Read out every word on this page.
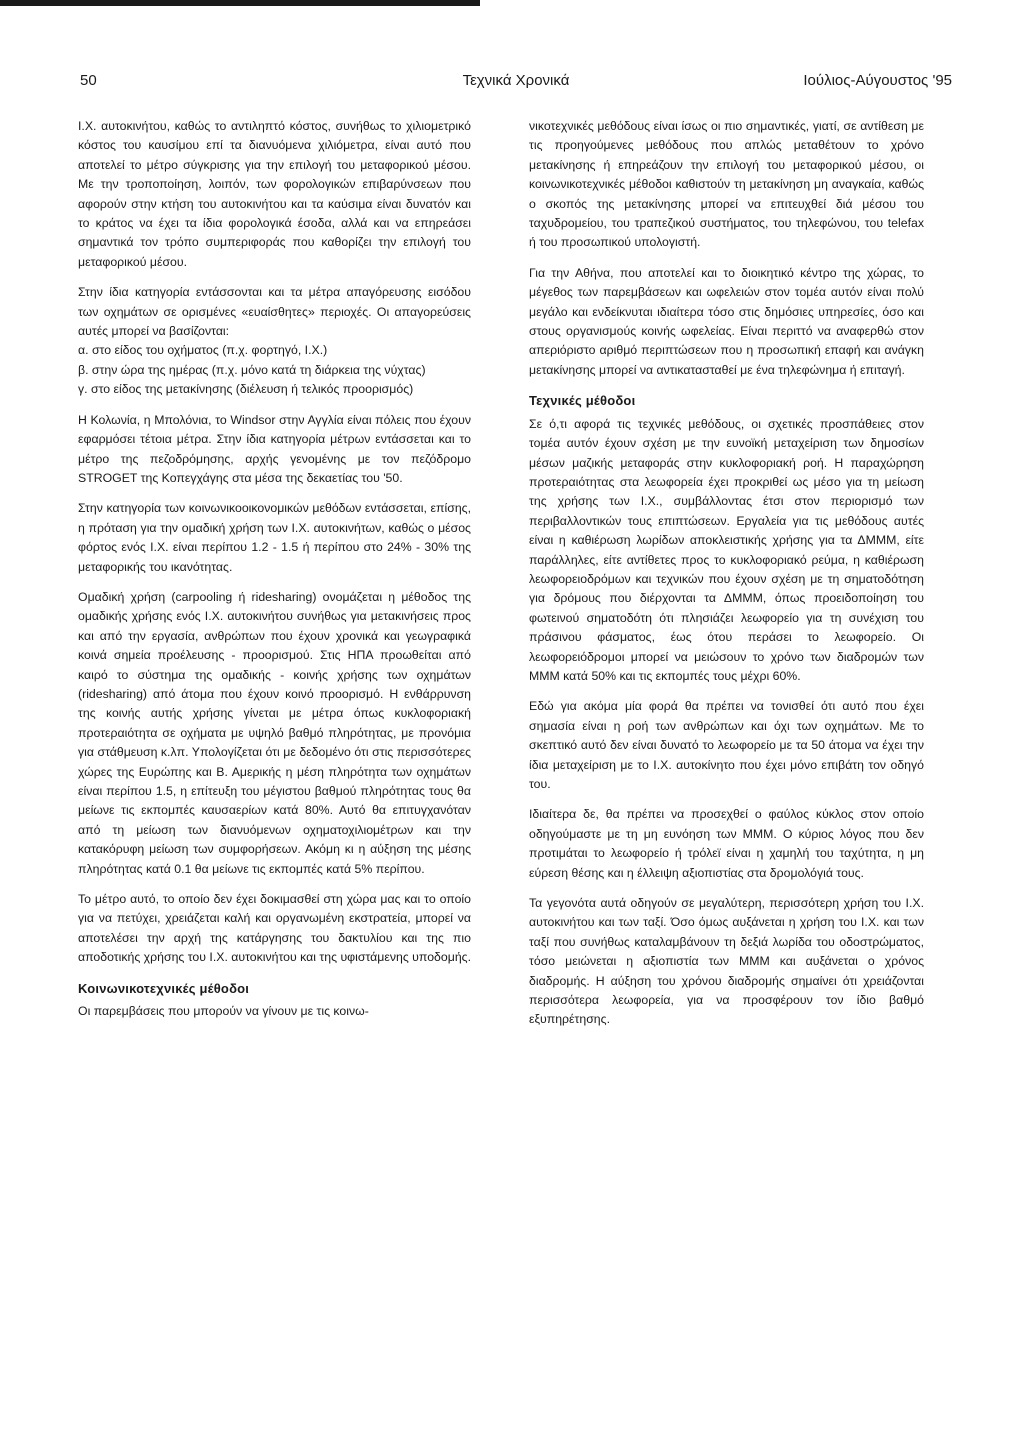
Τεχνικά Χρονικά
50	Ιούλιος-Αύγουστος '95

Ι.Χ. αυτοκινήτου, καθώς το αντιληπτό κόστος, συνήθως το χιλιομετρικό κόστος του καυσίμου επί τα διανυόμενα χιλιόμετρα, είναι αυτό που αποτελεί το μέτρο σύγκρισης για την επιλογή του μεταφορικού μέσου. Με την τροποποίηση, λοιπόν, των φορολογικών επιβαρύνσεων που αφορούν στην κτήση του αυτοκινήτου και τα καύσιμα είναι δυνατόν και το κράτος να έχει τα ίδια φορολογικά έσοδα, αλλά και να επηρεάσει σημαντικά τον τρόπο συμπεριφοράς που καθορίζει την επιλογή του μεταφορικού μέσου.

Στην ίδια κατηγορία εντάσσονται και τα μέτρα απαγόρευσης εισόδου των οχημάτων σε ορισμένες «ευαίσθητες» περιοχές. Οι απαγορεύσεις αυτές μπορεί να βασίζονται:

α. στο είδος του οχήματος (π.χ. φορτηγό, Ι.Χ.)

β. στην ώρα της ημέρας (π.χ. μόνο κατά τη διάρκεια της νύχτας)

γ. στο είδος της μετακίνησης (διέλευση ή τελικός προορισμός)

Η Κολωνία, η Μπολόνια, το Windsor στην Αγγλία είναι πόλεις που έχουν εφαρμόσει τέτοια μέτρα. Στην ίδια κατηγορία μέτρων εντάσσεται και το μέτρο της πεζοδρόμησης, αρχής γενομένης με τον πεζόδρομο STROGET της Κοπεγχάγης στα μέσα της δεκαετίας του '50.

Στην κατηγορία των κοινωνικοοικονομικών μεθόδων εντάσσεται, επίσης, η πρόταση για την ομαδική χρήση των Ι.Χ. αυτοκινήτων, καθώς ο μέσος φόρτος ενός Ι.Χ. είναι περίπου 1.2 - 1.5 ή περίπου στο 24% - 30% της μεταφορικής του ικανότητας.

Ομαδική χρήση (carpooling ή ridesharing) ονομάζεται η μέθοδος της ομαδικής χρήσης ενός Ι.Χ. αυτοκινήτου συνήθως για μετακινήσεις προς και από την εργασία, ανθρώπων που έχουν χρονικά και γεωγραφικά κοινά σημεία προέλευσης - προορισμού. Στις ΗΠΑ προωθείται από καιρό το σύστημα της ομαδικής - κοινής χρήσης των οχημάτων (ridesharing) από άτομα που έχουν κοινό προορισμό. Η ενθάρρυνση της κοινής αυτής χρήσης γίνεται με μέτρα όπως κυκλοφοριακή προτεραιότητα σε οχήματα με υψηλό βαθμό πληρότητας, με προνόμια για στάθμευση κ.λπ. Υπολογίζεται ότι με δεδομένο ότι στις περισσότερες χώρες της Ευρώπης και Β. Αμερικής η μέση πληρότητα των οχημάτων είναι περίπου 1.5, η επίτευξη του μέγιστου βαθμού πληρότητας τους θα μείωνε τις εκπομπές καυσαερίων κατά 80%. Αυτό θα επιτυγχανόταν από τη μείωση των διανυόμενων οχηματοχιλιομέτρων και την κατακόρυφη μείωση των συμφορήσεων. Ακόμη κι η αύξηση της μέσης πληρότητας κατά 0.1 θα μείωνε τις εκπομπές κατά 5% περίπου.

Το μέτρο αυτό, το οποίο δεν έχει δοκιμασθεί στη χώρα μας και το οποίο για να πετύχει, χρειάζεται καλή και οργανωμένη εκστρατεία, μπορεί να αποτελέσει την αρχή της κατάργησης του δακτυλίου και της πιο αποδοτικής χρήσης του Ι.Χ. αυτοκινήτου και της υφιστάμενης υποδομής.

Κοινωνικοτεχνικές μέθοδοι

Οι παρεμβάσεις που μπορούν να γίνουν με τις κοινω-

νικοτεχνικές μεθόδους είναι ίσως οι πιο σημαντικές, γιατί, σε αντίθεση με τις προηγούμενες μεθόδους που απλώς μεταθέτουν το χρόνο μετακίνησης ή επηρεάζουν την επιλογή του μεταφορικού μέσου, οι κοινωνικοτεχνικές μέθοδοι καθιστούν τη μετακίνηση μη αναγκαία, καθώς ο σκοπός της μετακίνησης μπορεί να επιτευχθεί διά μέσου του ταχυδρομείου, του τραπεζικού συστήματος, του τηλεφώνου, του telefax ή του προσωπικού υπολογιστή.

Για την Αθήνα, που αποτελεί και το διοικητικό κέντρο της χώρας, το μέγεθος των παρεμβάσεων και ωφελειών στον τομέα αυτόν είναι πολύ μεγάλο και ενδείκνυται ιδιαίτερα τόσο στις δημόσιες υπηρεσίες, όσο και στους οργανισμούς κοινής ωφελείας. Είναι περιττό να αναφερθώ στον απεριόριστο αριθμό περιπτώσεων που η προσωπική επαφή και ανάγκη μετακίνησης μπορεί να αντικατασταθεί με ένα τηλεφώνημα ή επιταγή.

Τεχνικές μέθοδοι

Σε ό,τι αφορά τις τεχνικές μεθόδους, οι σχετικές προσπάθειες στον τομέα αυτόν έχουν σχέση με την ευνοϊκή μεταχείριση των δημοσίων μέσων μαζικής μεταφοράς στην κυκλοφοριακή ροή. Η παραχώρηση προτεραιότητας στα λεωφορεία έχει προκριθεί ως μέσο για τη μείωση της χρήσης των Ι.Χ., συμβάλλοντας έτσι στον περιορισμό των περιβαλλοντικών τους επιπτώσεων. Εργαλεία για τις μεθόδους αυτές είναι η καθιέρωση λωρίδων αποκλειστικής χρήσης για τα ΔΜΜΜ, είτε παράλληλες, είτε αντίθετες προς το κυκλοφοριακό ρεύμα, η καθιέρωση λεωφορειοδρόμων και τεχνικών που έχουν σχέση με τη σηματοδότηση για δρόμους που διέρχονται τα ΔΜΜΜ, όπως προειδοποίηση του φωτεινού σηματοδότη ότι πλησιάζει λεωφορείο για τη συνέχιση του πράσινου φάσματος, έως ότου περάσει το λεωφορείο. Οι λεωφορειόδρομοι μπορεί να μειώσουν το χρόνο των διαδρομών των ΜΜΜ κατά 50% και τις εκπομπές τους μέχρι 60%.

Εδώ για ακόμα μία φορά θα πρέπει να τονισθεί ότι αυτό που έχει σημασία είναι η ροή των ανθρώπων και όχι των οχημάτων. Με το σκεπτικό αυτό δεν είναι δυνατό το λεωφορείο με τα 50 άτομα να έχει την ίδια μεταχείριση με το Ι.Χ. αυτοκίνητο που έχει μόνο επιβάτη τον οδηγό του.

Ιδιαίτερα δε, θα πρέπει να προσεχθεί ο φαύλος κύκλος στον οποίο οδηγούμαστε με τη μη ευνόηση των ΜΜΜ. Ο κύριος λόγος που δεν προτιμάται το λεωφορείο ή τρόλεϊ είναι η χαμηλή του ταχύτητα, η μη εύρεση θέσης και η έλλειψη αξιοπιστίας στα δρομολόγιά τους.

Τα γεγονότα αυτά οδηγούν σε μεγαλύτερη, περισσότερη χρήση του Ι.Χ. αυτοκινήτου και των ταξί. Όσο όμως αυξάνεται η χρήση του Ι.Χ. και των ταξί που συνήθως καταλαμβάνουν τη δεξιά λωρίδα του οδοστρώματος, τόσο μειώνεται η αξιοπιστία των ΜΜΜ και αυξάνεται ο χρόνος διαδρομής. Η αύξηση του χρόνου διαδρομής σημαίνει ότι χρειάζονται περισσότερα λεωφορεία, για να προσφέρουν τον ίδιο βαθμό εξυπηρέτησης.
